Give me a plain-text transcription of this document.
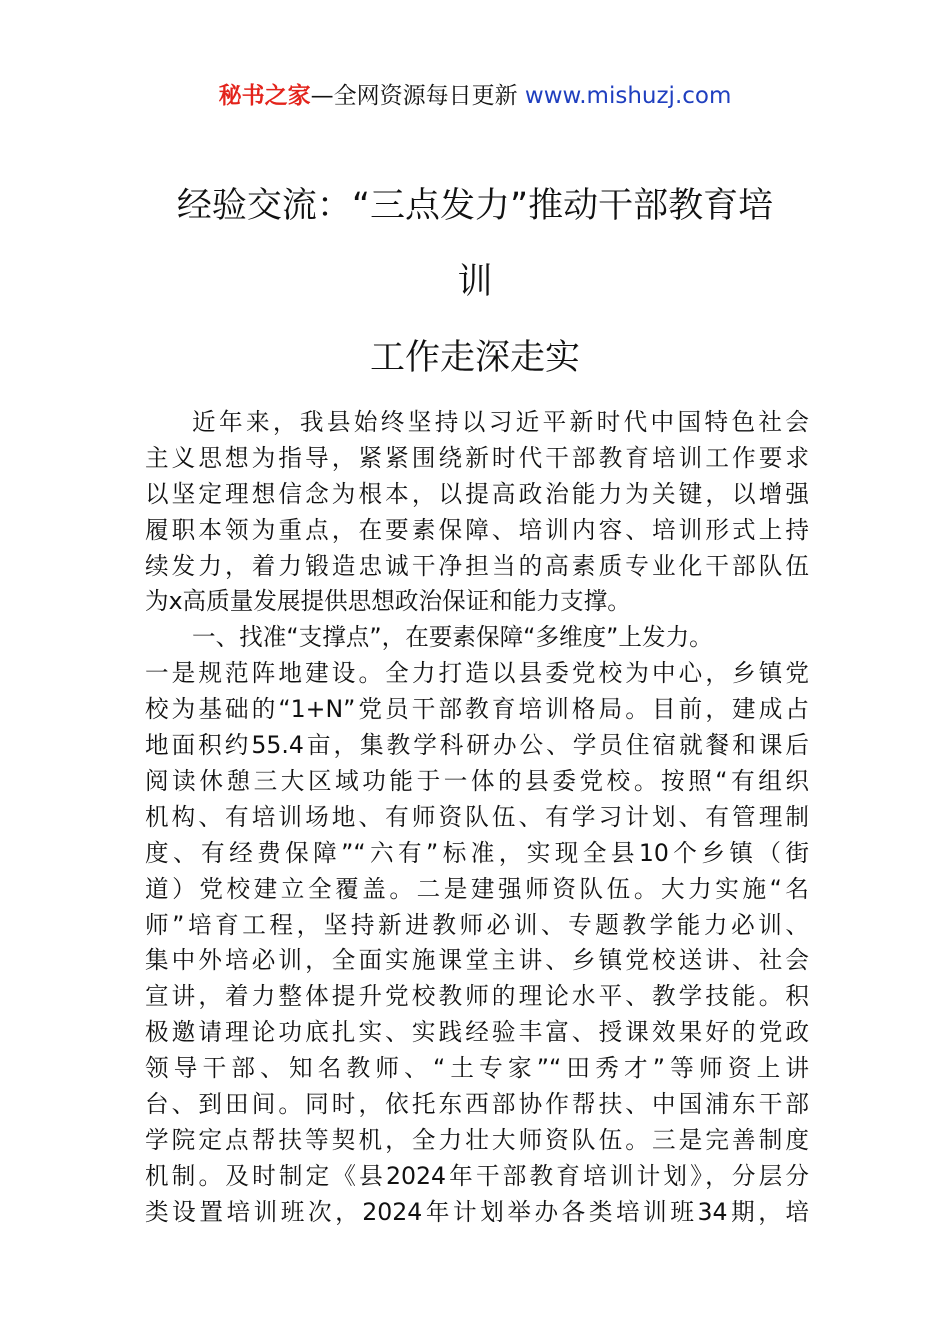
秘书之家—全网资源每日更新 www.mishuzj.com
经验交流：“三点发力”推动干部教育培
训
工作走深走实
近年来，我县始终坚持以习近平新时代中国特色社会
主义思想为指导，紧紧围绕新时代干部教育培训工作要求
以坚定理想信念为根本，以提高政治能力为关键，以增强
履职本领为重点，在要素保障、培训内容、培训形式上持
续发力，着力锻造忠诚干净担当的高素质专业化干部队伍
为x高质量发展提供思想政治保证和能力支撑。
一、找准“支撑点”，在要素保障“多维度”上发力。
一是规范阵地建设。全力打造以县委党校为中心，乡镇党
校为基础的“1+N”党员干部教育培训格局。目前，建成占
地面积约55.4亩，集教学科研办公、学员住宿就餐和课后
阅读休憩三大区域功能于一体的县委党校。按照“有组织
机构、有培训场地、有师资队伍、有学习计划、有管理制
度、有经费保障”“六有”标准，实现全县10个乡镇（街
道）党校建立全覆盖。二是建强师资队伍。大力实施“名
师”培育工程，坚持新进教师必训、专题教学能力必训、
集中外培必训，全面实施课堂主讲、乡镇党校送讲、社会
宣讲，着力整体提升党校教师的理论水平、教学技能。积
极邀请理论功底扎实、实践经验丰富、授课效果好的党政
领导干部、知名教师、“土专家”“田秀才”等师资上讲
台、到田间。同时，依托东西部协作帮扶、中国浦东干部
学院定点帮扶等契机，全力壮大师资队伍。三是完善制度
机制。及时制定《县2024年干部教育培训计划》，分层分
类设置培训班次，2024年计划举办各类培训班34期，培
